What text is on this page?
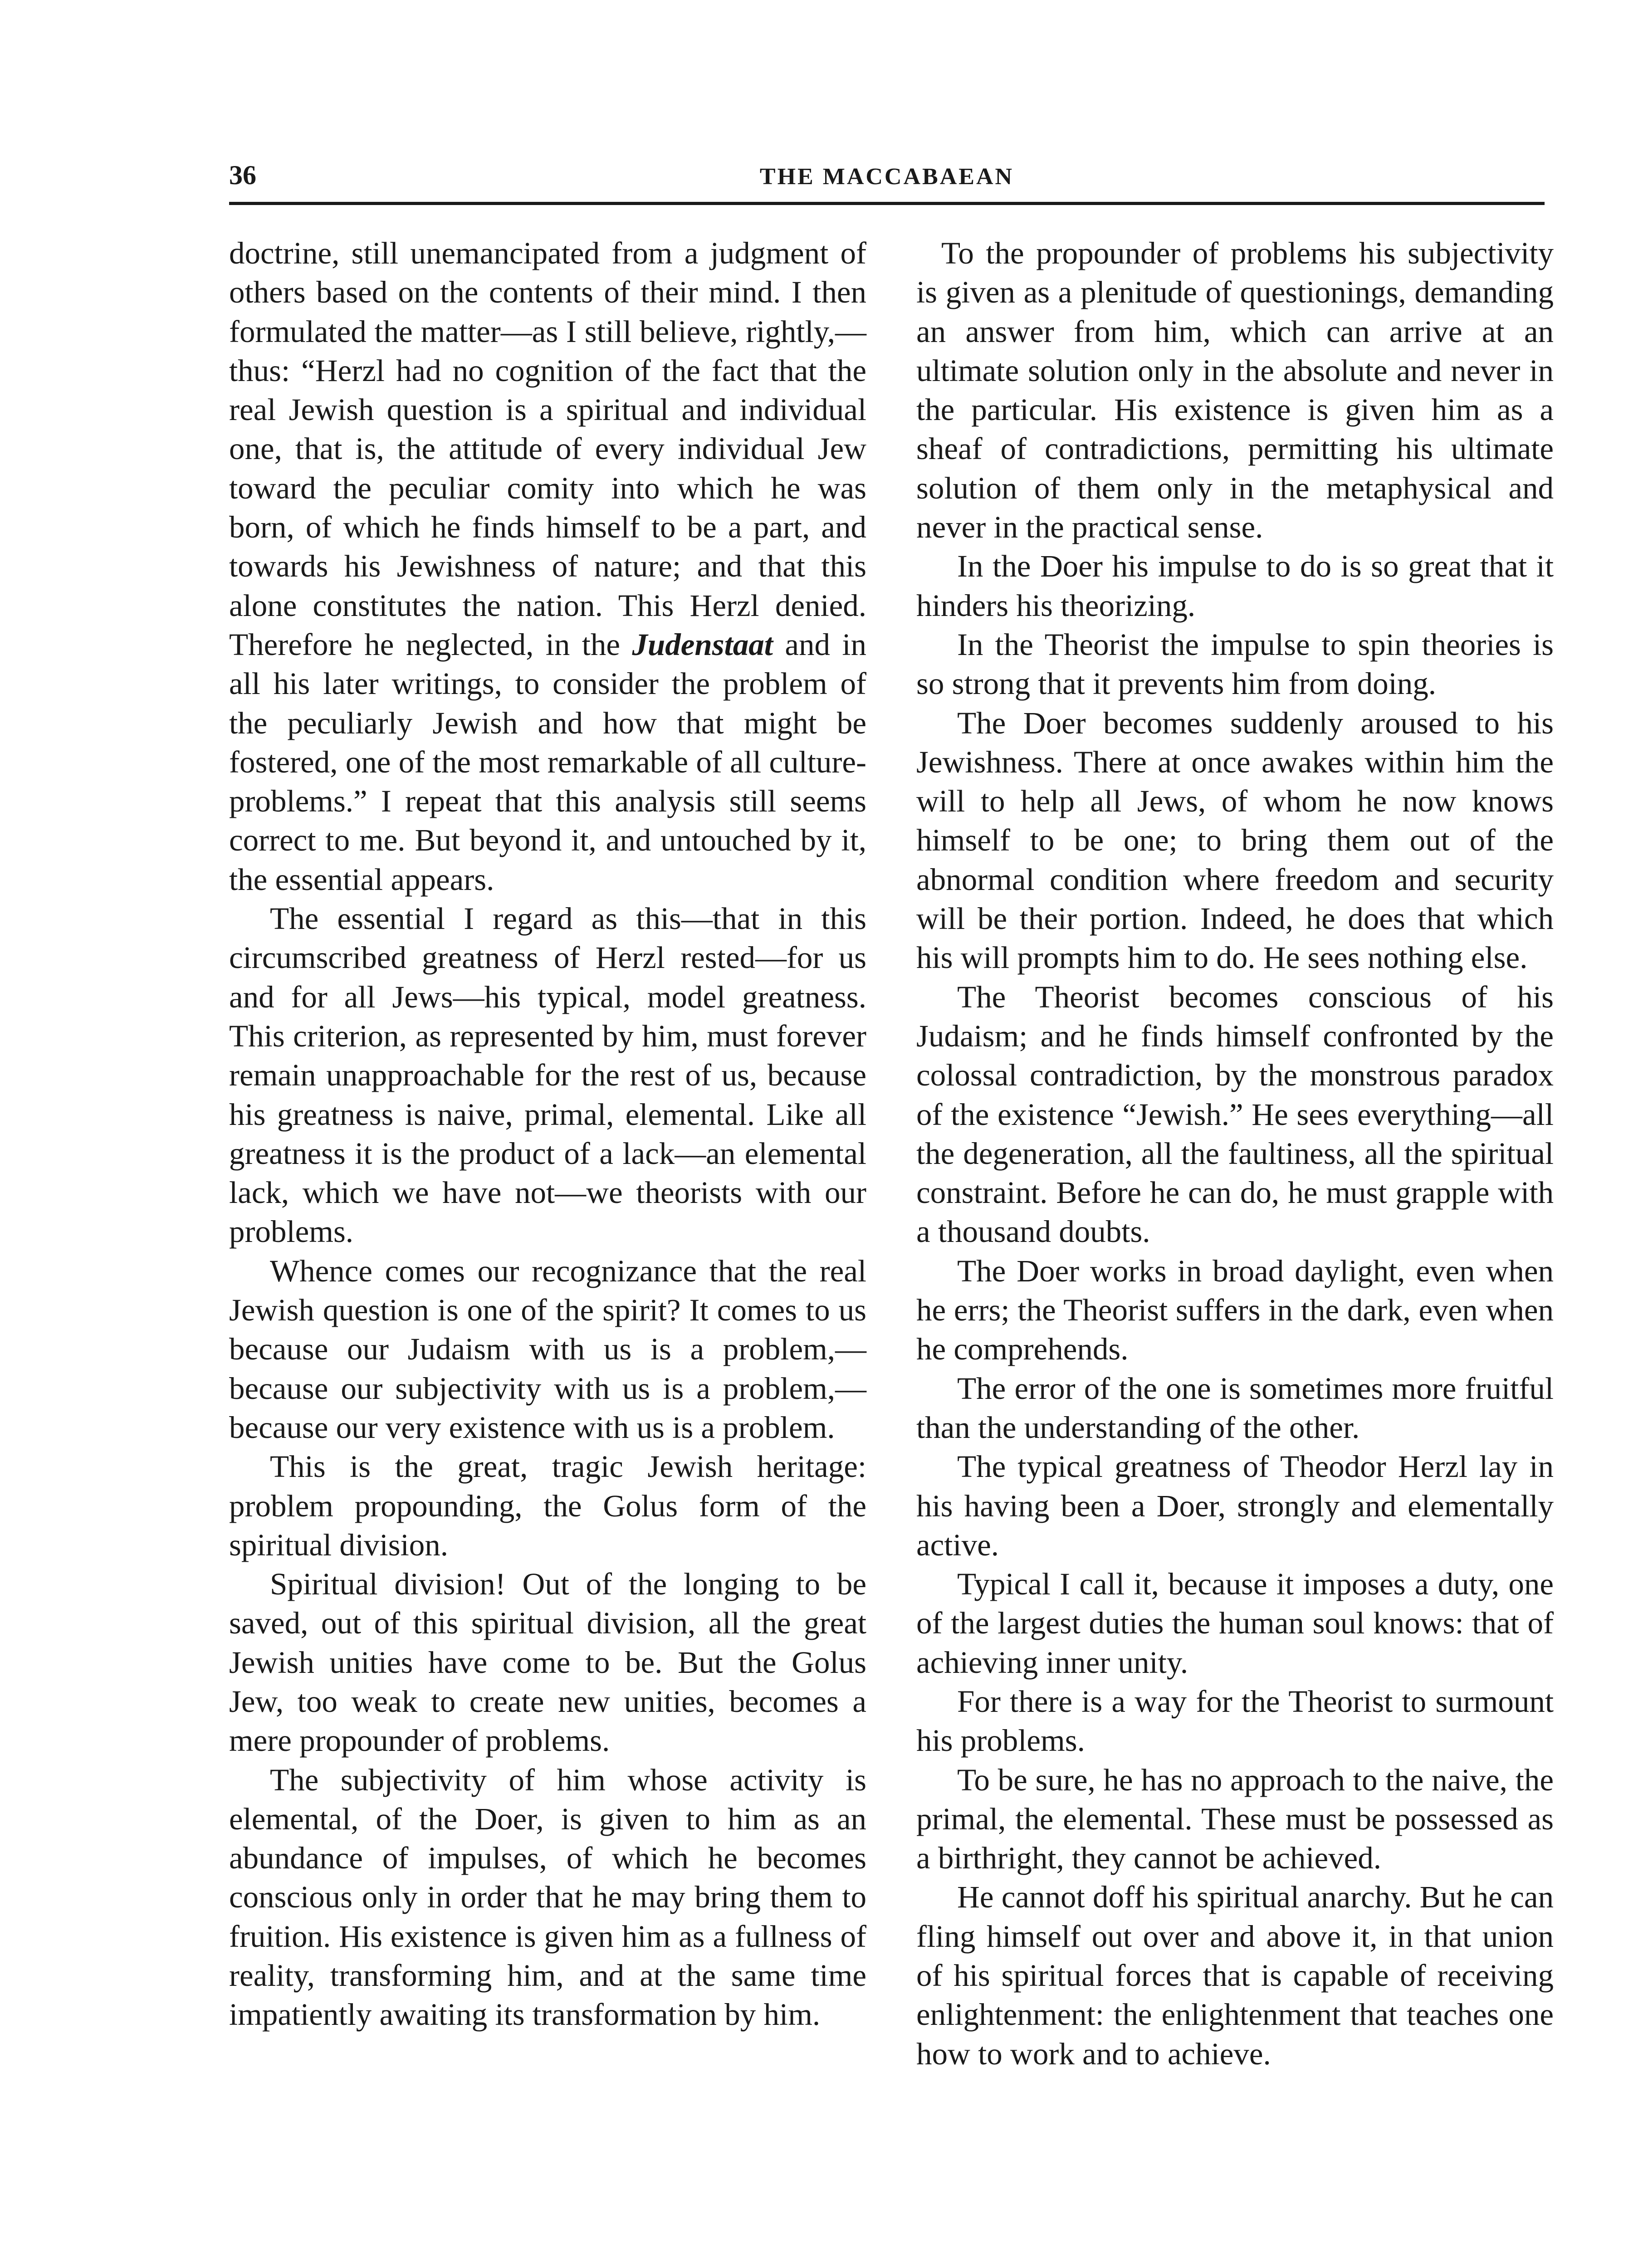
36	THE MACCABAEAN

doctrine, still unemancipated from a judgment of others based on the contents of their mind. I then formulated the matter—as I still believe, rightly,—thus: “Herzl had no cognition of the fact that the real Jewish question is a spiritual and individual one, that is, the attitude of every individual Jew toward the peculiar comity into which he was born, of which he finds himself to be a part, and towards his Jewishness of nature; and that this alone constitutes the nation. This Herzl denied. Therefore he neglected, in the Judenstaat and in all his later writings, to consider the problem of the peculiarly Jewish and how that might be fostered, one of the most remarkable of all culture-problems.” I repeat that this analysis still seems correct to me. But beyond it, and untouched by it, the essential appears.

The essential I regard as this—that in this circumscribed greatness of Herzl rested—for us and for all Jews—his typical, model greatness. This criterion, as represented by him, must forever remain unapproachable for the rest of us, because his greatness is naive, primal, elemental. Like all greatness it is the product of a lack—an elemental lack, which we have not—we theorists with our problems.

Whence comes our recognizance that the real Jewish question is one of the spirit? It comes to us because our Judaism with us is a problem,—because our subjectivity with us is a problem,—because our very existence with us is a problem.

This is the great, tragic Jewish heritage: problem propounding, the Golus form of the spiritual division.

Spiritual division! Out of the longing to be saved, out of this spiritual division, all the great Jewish unities have come to be. But the Golus Jew, too weak to create new unities, becomes a mere propounder of problems.

The subjectivity of him whose activity is elemental, of the Doer, is given to him as an abundance of impulses, of which he becomes conscious only in order that he may bring them to fruition. His existence is given him as a fullness of reality, transforming him, and at the same time impatiently awaiting its transformation by him.

To the propounder of problems his subjectivity is given as a plenitude of questionings, demanding an answer from him, which can arrive at an ultimate solution only in the absolute and never in the particular. His existence is given him as a sheaf of contradictions, permitting his ultimate solution of them only in the metaphysical and never in the practical sense.

In the Doer his impulse to do is so great that it hinders his theorizing.

In the Theorist the impulse to spin theories is so strong that it prevents him from doing.

The Doer becomes suddenly aroused to his Jewishness. There at once awakes within him the will to help all Jews, of whom he now knows himself to be one; to bring them out of the abnormal condition where freedom and security will be their portion. Indeed, he does that which his will prompts him to do. He sees nothing else.

The Theorist becomes conscious of his Judaism; and he finds himself confronted by the colossal contradiction, by the monstrous paradox of the existence “Jewish.” He sees everything—all the degeneration, all the faultiness, all the spiritual constraint. Before he can do, he must grapple with a thousand doubts.

The Doer works in broad daylight, even when he errs; the Theorist suffers in the dark, even when he comprehends.

The error of the one is sometimes more fruitful than the understanding of the other.

The typical greatness of Theodor Herzl lay in his having been a Doer, strongly and elementally active.

Typical I call it, because it imposes a duty, one of the largest duties the human soul knows: that of achieving inner unity.

For there is a way for the Theorist to surmount his problems.

To be sure, he has no approach to the naive, the primal, the elemental. These must be possessed as a birthright, they cannot be achieved.

He cannot doff his spiritual anarchy. But he can fling himself out over and above it, in that union of his spiritual forces that is capable of receiving enlightenment: the enlightenment that teaches one how to work and to achieve.
